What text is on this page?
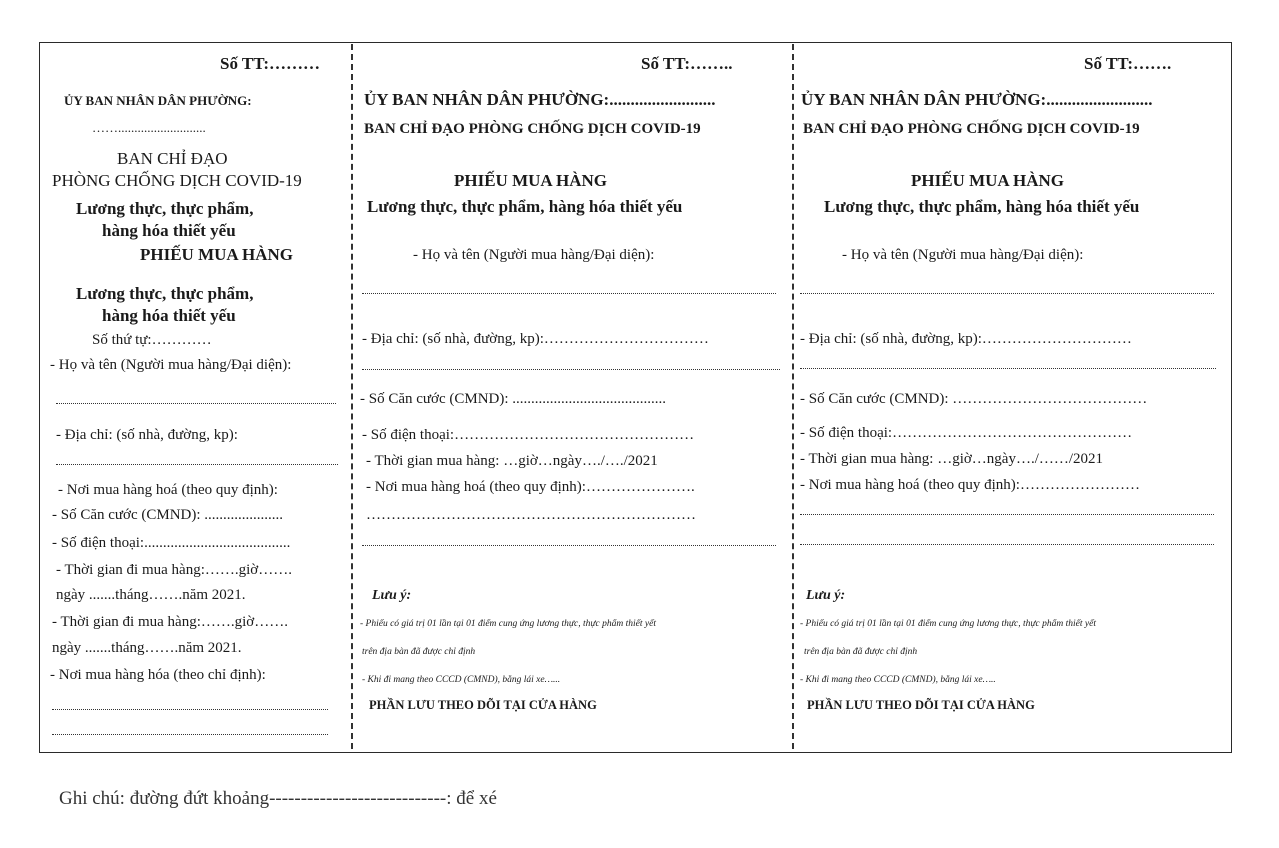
Số TT:………
ỦY BAN NHÂN DÂN PHƯỜNG:
……...........................
BAN CHỈ ĐẠO
PHÒNG CHỐNG DỊCH COVID-19
Lương thực, thực phẩm,
hàng hóa thiết yếu
PHIẾU MUA HÀNG
Lương thực, thực phẩm,
hàng hóa thiết yếu
Số thứ tự:…………
- Họ và tên (Người mua hàng/Đại diện):
- Địa chỉ: (số nhà, đường, kp):
- Nơi mua hàng hoá (theo quy định):
- Số Căn cước (CMND): .....................
- Số điện thoại:.......................................
- Thời gian đi mua hàng:…….giờ…….
ngày .......tháng…….năm 2021.
- Thời gian đi mua hàng:…….giờ…….
ngày .......tháng…….năm 2021.
- Nơi mua hàng hóa (theo chỉ định):
Số TT:……..
ỦY BAN NHÂN DÂN PHƯỜNG:.........................
BAN CHỈ ĐẠO PHÒNG CHỐNG DỊCH COVID-19
PHIẾU MUA HÀNG
Lương thực, thực phẩm, hàng hóa thiết yếu
- Họ và tên (Người mua hàng/Đại diện):
- Địa chỉ: (số nhà, đường, kp):……………………………
- Số Căn cước (CMND): .........................................
- Số điện thoại:…………………………………………
- Thời gian mua hàng: …giờ…ngày…./…./2021
- Nơi mua hàng hoá (theo quy định):………………….
…………………………………………………………
Lưu ý:
- Phiếu có giá trị 01 lần tại 01 điểm cung ứng lương thực, thực phẩm thiết yết
trên địa bàn đã được chỉ định
- Khi đi mang theo CCCD (CMND), bằng lái xe…...
PHẦN LƯU THEO DÕI TẠI CỬA HÀNG
Số TT:…….
ỦY BAN NHÂN DÂN PHƯỜNG:.........................
BAN CHỈ ĐẠO PHÒNG CHỐNG DỊCH COVID-19
PHIẾU MUA HÀNG
Lương thực, thực phẩm, hàng hóa thiết yếu
- Họ và tên (Người mua hàng/Đại diện):
- Địa chỉ: (số nhà, đường, kp):…………………………
- Số Căn cước (CMND): …………………………………
- Số điện thoại:…………………………………………
- Thời gian mua hàng: …giờ…ngày…./……/2021
- Nơi mua hàng hoá (theo quy định):……………………
Lưu ý:
- Phiếu có giá trị 01 lần tại 01 điểm cung ứng lương thực, thực phẩm thiết yết
trên địa bàn đã được chỉ định
- Khi đi mang theo CCCD (CMND), bằng lái xe…..
PHẦN LƯU THEO DÕI TẠI CỬA HÀNG
Ghi chú: đường đứt khoảng----------------------------: để xé
